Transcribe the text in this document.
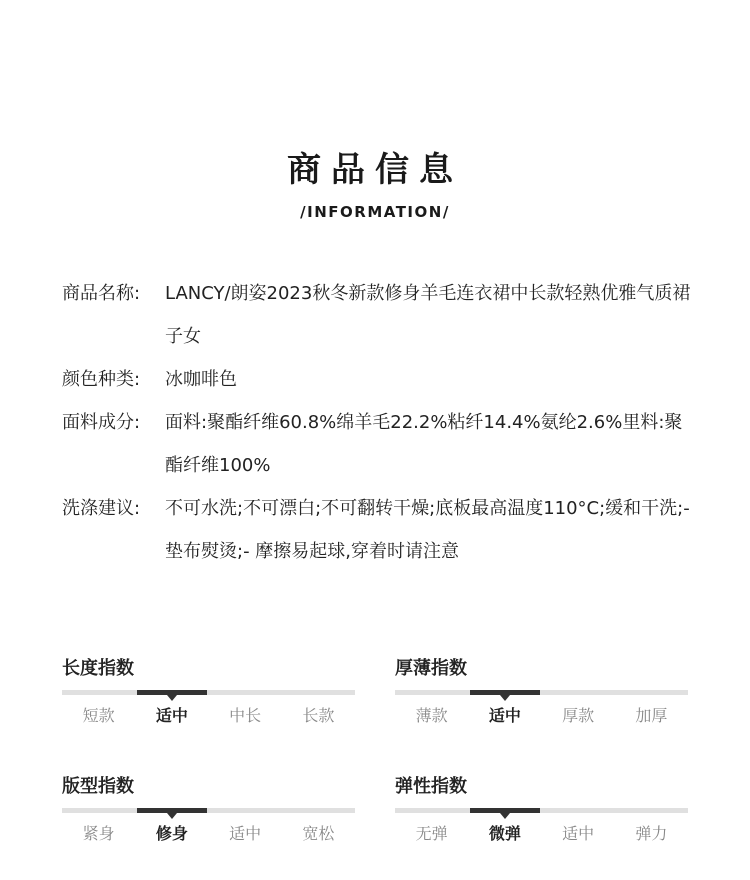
商品信息
/INFORMATION/
商品名称:	LANCY/朗姿2023秋冬新款修身羊毛连衣裙中长款轻熟优雅气质裙子女
颜色种类:	冰咖啡色
面料成分:	面料:聚酯纤维60.8%绵羊毛22.2%粘纤14.4%氨纶2.6%里料:聚酯纤维100%
洗涤建议:	不可水洗;不可漂白;不可翻转干燥;底板最高温度110°C;缓和干洗;- 垫布熨烫;- 摩擦易起球,穿着时请注意
长度指数
短款	适中	中长	长款
厚薄指数
薄款	适中	厚款	加厚
版型指数
紧身	修身	适中	宽松
弹性指数
无弹	微弹	适中	弹力
